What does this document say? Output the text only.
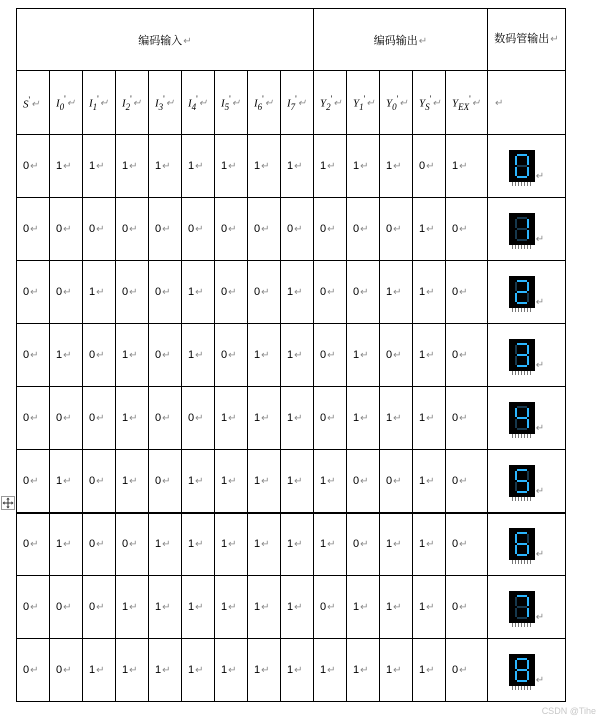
编码输入↵									编码输出↵					数码管输出↵
S'↵	$I_0'↵$	$I_1'↵$	$I_2'↵$	$I_3'↵$	$I_4'↵$	$I_5'↵$	$I_6'↵$	$I_7'↵$	$Y_2'↵$	$Y_1'↵$	$Y_0'↵$	$Y_S'↵$	$Y_{EX}'↵$	↵
0↵	1↵	1↵	1↵	1↵	1↵	1↵	1↵	1↵	1↵	1↵	1↵	0↵	1↵	↵
0↵	0↵	0↵	0↵	0↵	0↵	0↵	0↵	0↵	0↵	0↵	0↵	1↵	0↵	↵
0↵	0↵	1↵	0↵	0↵	1↵	0↵	0↵	1↵	0↵	0↵	1↵	1↵	0↵	↵
0↵	1↵	0↵	1↵	0↵	1↵	0↵	1↵	1↵	0↵	1↵	0↵	1↵	0↵	↵
0↵	0↵	0↵	1↵	0↵	0↵	1↵	1↵	1↵	0↵	1↵	1↵	1↵	0↵	↵
0↵	1↵	0↵	1↵	0↵	1↵	1↵	1↵	1↵	1↵	0↵	0↵	1↵	0↵	↵
0↵	1↵	0↵	0↵	1↵	1↵	1↵	1↵	1↵	1↵	0↵	1↵	1↵	0↵	↵
0↵	0↵	0↵	1↵	1↵	1↵	1↵	1↵	1↵	0↵	1↵	1↵	1↵	0↵	↵
0↵	0↵	1↵	1↵	1↵	1↵	1↵	1↵	1↵	1↵	1↵	1↵	1↵	0↵	↵
CSDN @Tihe
